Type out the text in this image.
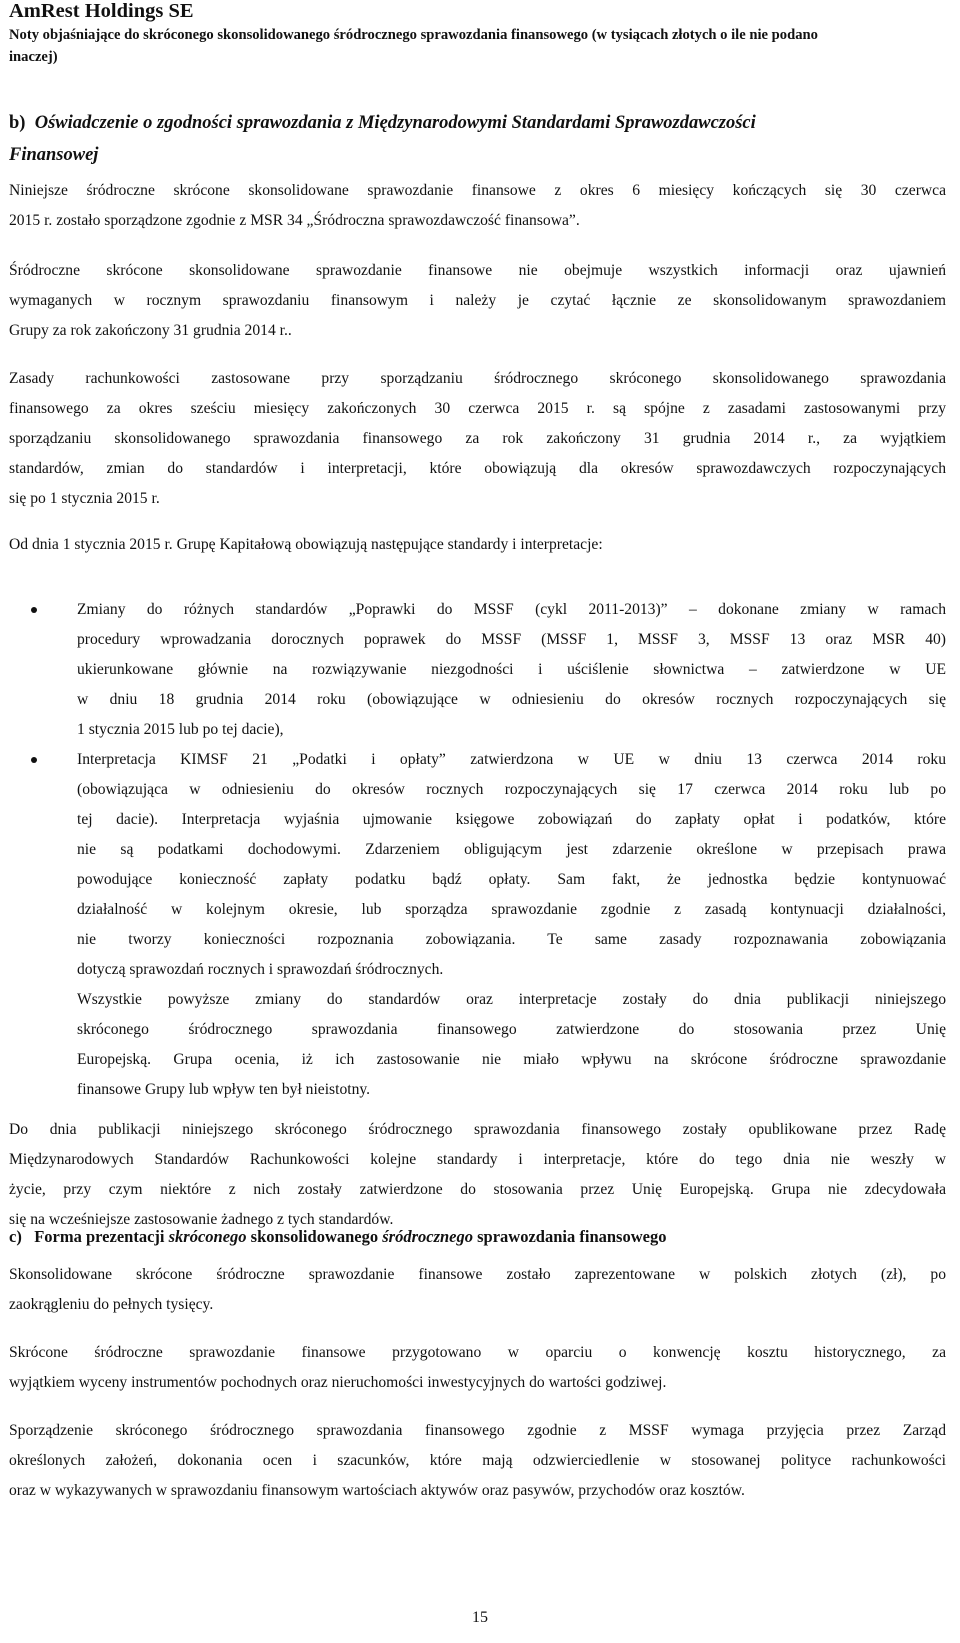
AmRest Holdings SE
Noty objaśniające do skróconego skonsolidowanego śródrocznego sprawozdania finansowego (w tysiącach złotych o ile nie podano
inaczej)
b) Oświadczenie o zgodności sprawozdania z Międzynarodowymi Standardami Sprawozdawczości
Finansowej
Niniejsze śródroczne skrócone skonsolidowane sprawozdanie finansowe z okres 6 miesięcy kończących się 30 czerwca
2015 r. zostało sporządzone zgodnie z MSR 34 „Śródroczna sprawozdawczość finansowa”.
Śródroczne skrócone skonsolidowane sprawozdanie finansowe nie obejmuje wszystkich informacji oraz ujawnień
wymaganych w rocznym sprawozdaniu finansowym i należy je czytać łącznie ze skonsolidowanym sprawozdaniem
Grupy za rok zakończony 31 grudnia 2014 r..
Zasady rachunkowości zastosowane przy sporządzaniu śródrocznego skróconego skonsolidowanego sprawozdania
finansowego za okres sześciu miesięcy zakończonych 30 czerwca 2015 r. są spójne z zasadami zastosowanymi przy
sporządzaniu skonsolidowanego sprawozdania finansowego za rok zakończony 31 grudnia 2014 r., za wyjątkiem
standardów, zmian do standardów i interpretacji, które obowiązują dla okresów sprawozdawczych rozpoczynających
się po 1 stycznia 2015 r.
Od dnia 1 stycznia 2015 r. Grupę Kapitałową obowiązują następujące standardy i interpretacje:
Zmiany do różnych standardów „Poprawki do MSSF (cykl 2011-2013)” – dokonane zmiany w ramach
procedury wprowadzania dorocznych poprawek do MSSF (MSSF 1, MSSF 3, MSSF 13 oraz MSR 40)
ukierunkowane głównie na rozwiązywanie niezgodności i uściślenie słownictwa – zatwierdzone w UE
w dniu 18 grudnia 2014 roku (obowiązujące w odniesieniu do okresów rocznych rozpoczynających się
1 stycznia 2015 lub po tej dacie),
Interpretacja KIMSF 21 „Podatki i opłaty” zatwierdzona w UE w dniu 13 czerwca 2014 roku
(obowiązująca w odniesieniu do okresów rocznych rozpoczynających się 17 czerwca 2014 roku lub po
tej dacie). Interpretacja wyjaśnia ujmowanie księgowe zobowiązań do zapłaty opłat i podatków, które
nie są podatkami dochodowymi. Zdarzeniem obligującym jest zdarzenie określone w przepisach prawa
powodujące konieczność zapłaty podatku bądź opłaty. Sam fakt, że jednostka będzie kontynuować
działalność w kolejnym okresie, lub sporządza sprawozdanie zgodnie z zasadą kontynuacji działalności,
nie tworzy konieczności rozpoznania zobowiązania. Te same zasady rozpoznawania zobowiązania
dotyczą sprawozdań rocznych i sprawozdań śródrocznych.
Wszystkie powyższe zmiany do standardów oraz interpretacje zostały do dnia publikacji niniejszego
skróconego śródrocznego sprawozdania finansowego zatwierdzone do stosowania przez Unię
Europejską. Grupa ocenia, iż ich zastosowanie nie miało wpływu na skrócone śródroczne sprawozdanie
finansowe Grupy lub wpływ ten był nieistotny.
Do dnia publikacji niniejszego skróconego śródrocznego sprawozdania finansowego zostały opublikowane przez Radę
Międzynarodowych Standardów Rachunkowości kolejne standardy i interpretacje, które do tego dnia nie weszły w
życie, przy czym niektóre z nich zostały zatwierdzone do stosowania przez Unię Europejską. Grupa nie zdecydowała
się na wcześniejsze zastosowanie żadnego z tych standardów.
c) Forma prezentacji skróconego skonsolidowanego śródrocznego sprawozdania finansowego
Skonsolidowane skrócone śródroczne sprawozdanie finansowe zostało zaprezentowane w polskich złotych (zł), po
zaokrągleniu do pełnych tysięcy.
Skrócone śródroczne sprawozdanie finansowe przygotowano w oparciu o konwencję kosztu historycznego, za
wyjątkiem wyceny instrumentów pochodnych oraz nieruchomości inwestycyjnych do wartości godziwej.
Sporządzenie skróconego śródrocznego sprawozdania finansowego zgodnie z MSSF wymaga przyjęcia przez Zarząd
określonych założeń, dokonania ocen i szacunków, które mają odzwierciedlenie w stosowanej polityce rachunkowości
oraz w wykazywanych w sprawozdaniu finansowym wartościach aktywów oraz pasywów, przychodów oraz kosztów.
15
